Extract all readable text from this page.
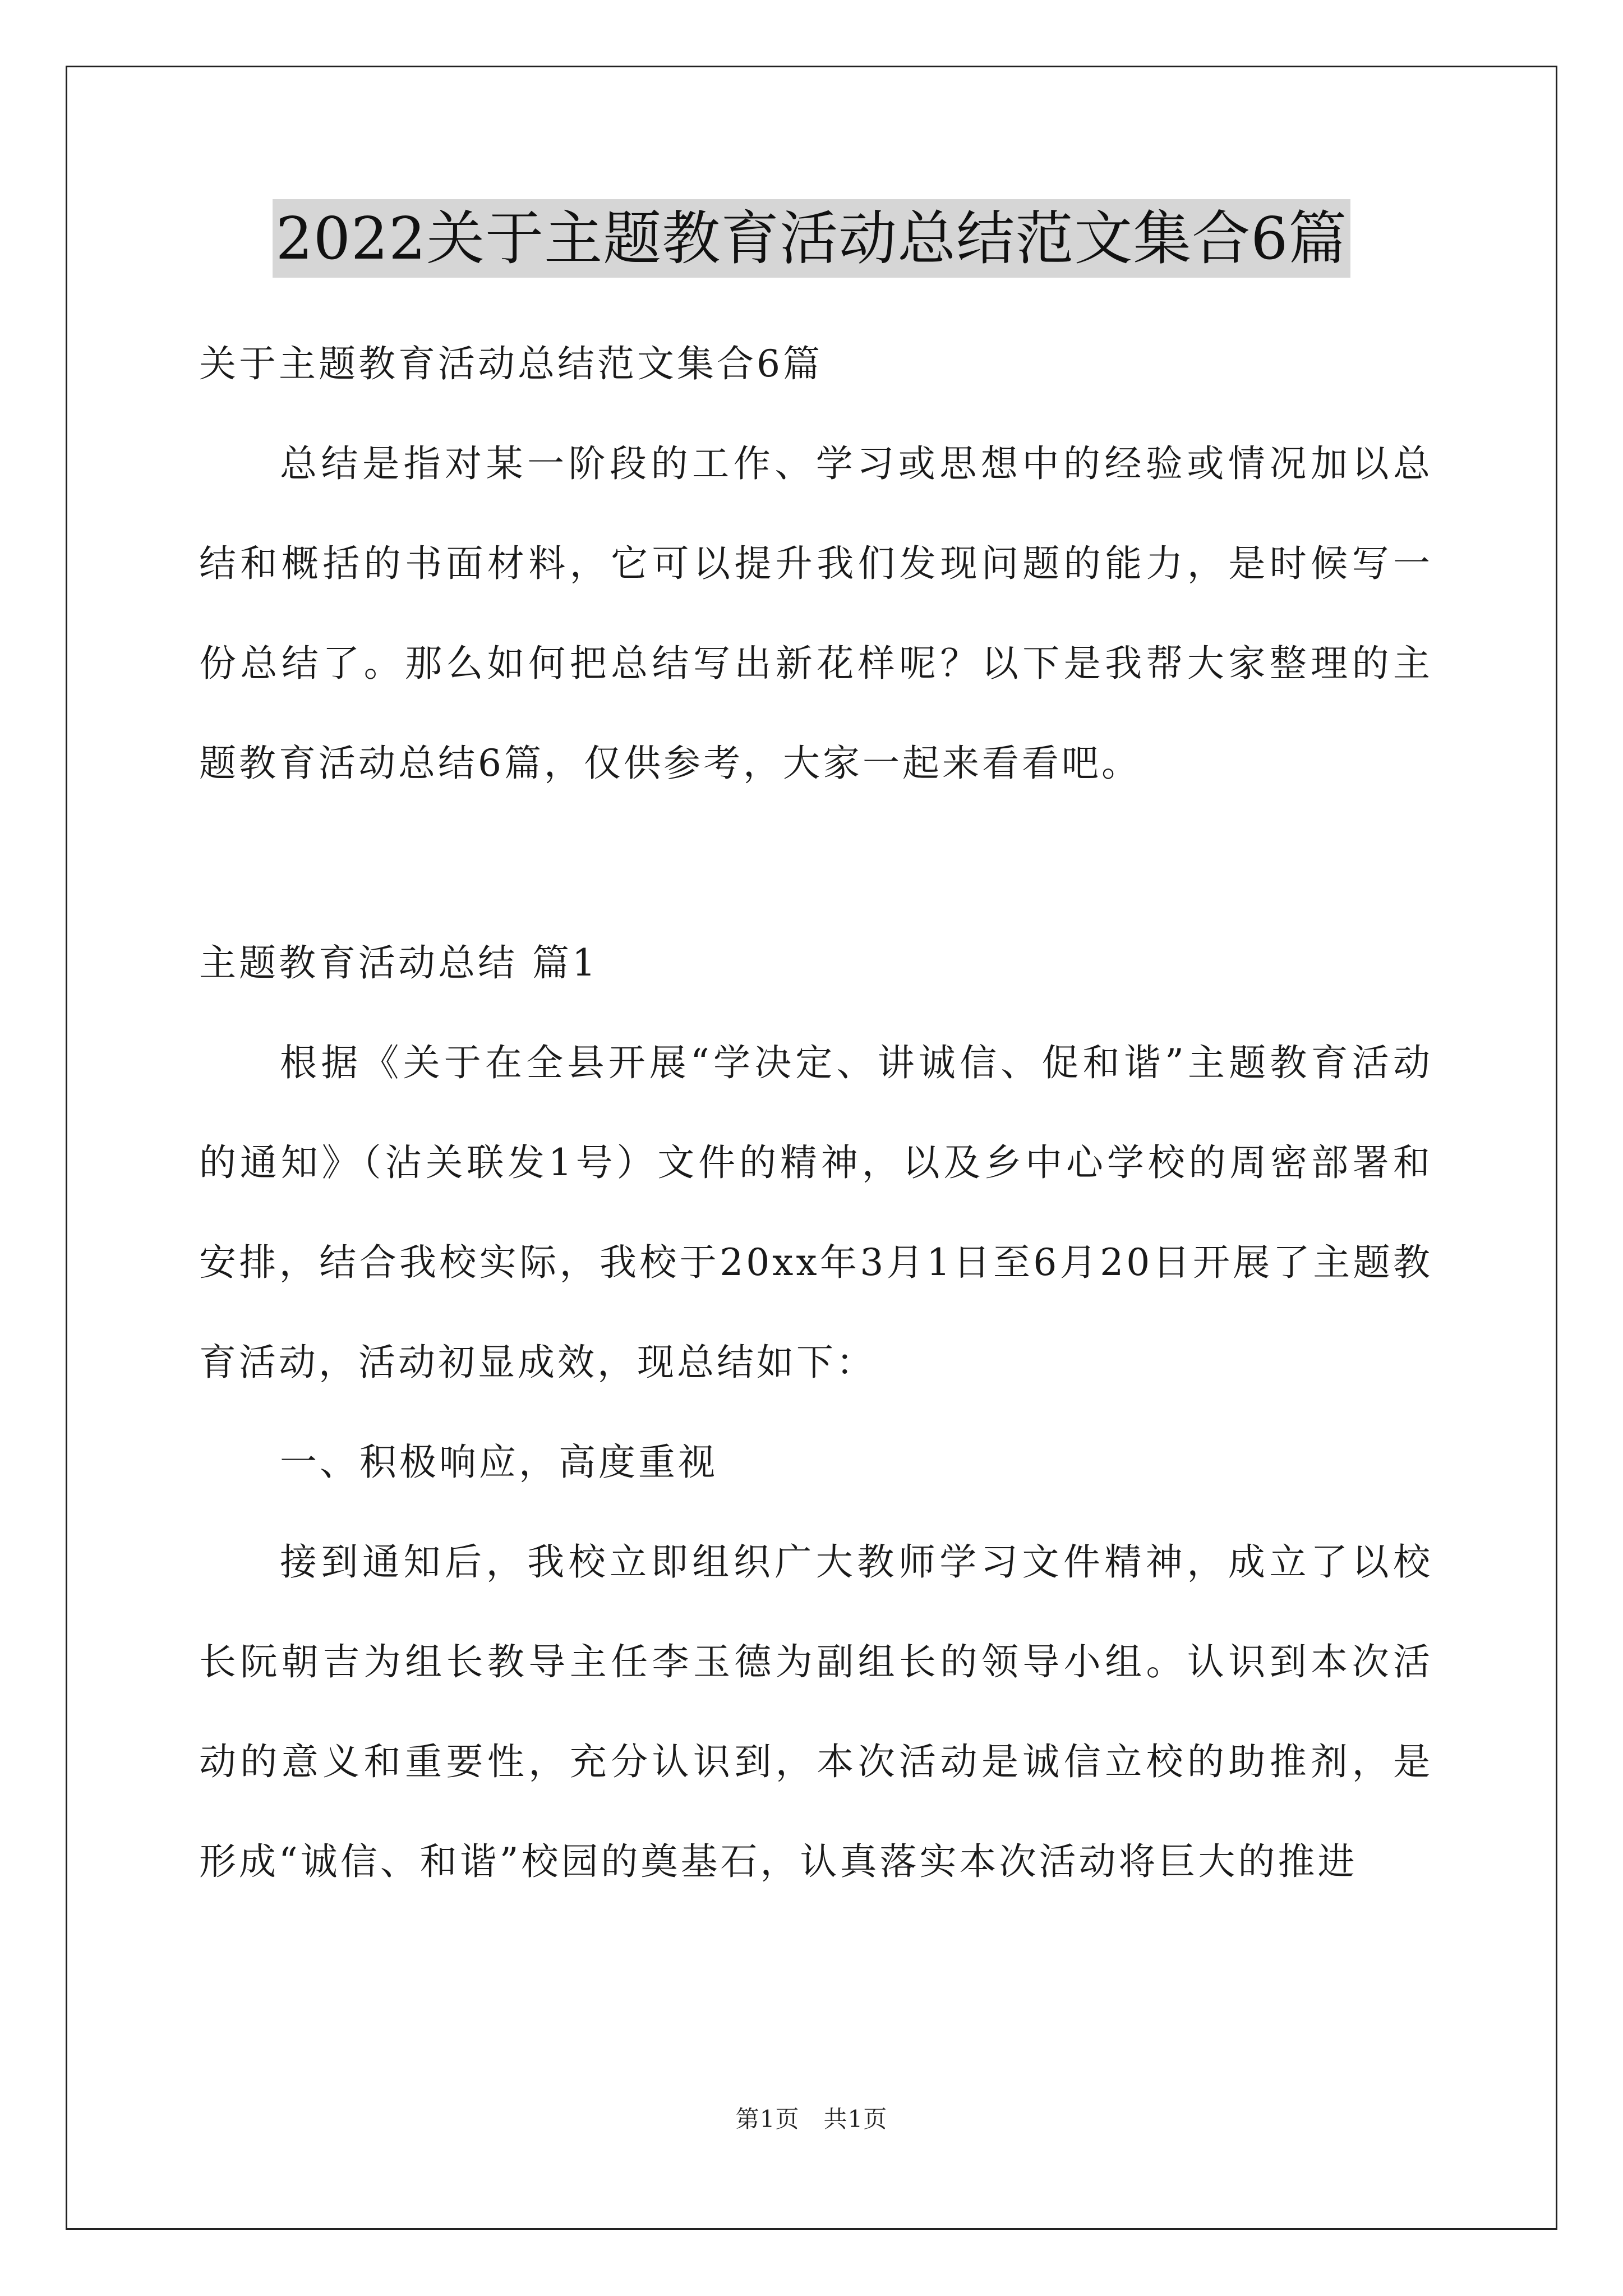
2022关于主题教育活动总结范文集合6篇

关于主题教育活动总结范文集合6篇

总结是指对某一阶段的工作、学习或思想中的经验或情况加以总结和概括的书面材料，它可以提升我们发现问题的能力，是时候写一份总结了。那么如何把总结写出新花样呢？以下是我帮大家整理的主题教育活动总结6篇，仅供参考，大家一起来看看吧。

主题教育活动总结 篇1

根据《关于在全县开展“学决定、讲诚信、促和谐”主题教育活动的通知》（沾关联发1号）文件的精神，以及乡中心学校的周密部署和安排，结合我校实际，我校于20xx年3月1日至6月20日开展了主题教育活动，活动初显成效，现总结如下：

一、积极响应，高度重视

接到通知后，我校立即组织广大教师学习文件精神，成立了以校长阮朝吉为组长教导主任李玉德为副组长的领导小组。认识到本次活动的意义和重要性，充分认识到，本次活动是诚信立校的助推剂，是形成“诚信、和谐”校园的奠基石，认真落实本次活动将巨大的推进

第1页　共1页
